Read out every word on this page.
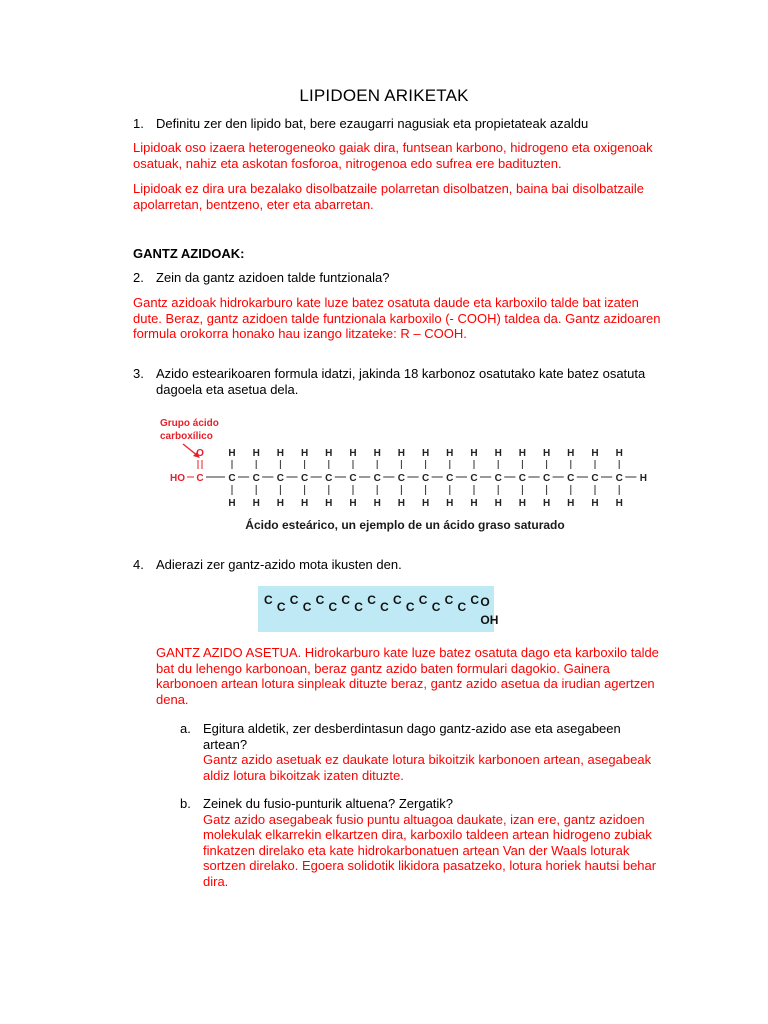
LIPIDOEN ARIKETAK
1. Definitu zer den lipido bat, bere ezaugarri nagusiak eta propietateak azaldu
Lipidoak oso izaera heterogeneoko gaiak dira, funtsean karbono, hidrogeno eta oxigenoak
osatuak, nahiz eta askotan fosforoa, nitrogenoa edo sufrea ere badituzten.
Lipidoak ez dira ura bezalako disolbatzaile polarretan disolbatzen, baina bai disolbatzaile
apolarretan, bentzeno, eter eta abarretan.
GANTZ AZIDOAK:
2. Zein da gantz azidoen talde funtzionala?
Gantz azidoak hidrokarburo kate luze batez osatuta daude eta karboxilo talde bat izaten
dute. Beraz, gantz azidoen talde funtzionala karboxilo (- COOH) taldea da. Gantz azidoaren
formula orokorra honako hau izango litzateke: R – COOH.
3. Azido estearikoaren formula idatzi, jakinda 18 karbonoz osatutako kate batez osatuta
dagoela eta asetua dela.
Grupo ácido
carboxílico
O
HO C C
H
H
C
H
H
C
H
H
C
H
H
C
H
H
C
H
H
C
H
H
C
H
H
C
H
H
C
H
H
C
H
H
C
H
H
C
H
H
C
H
H
C
H
H
C
H
H
C
H
H
H
Ácido esteárico, un ejemplo de un ácido graso saturado
4. Adierazi zer gantz-azido mota ikusten den.
C C C C C C C C C C C C C C C C C O
OH
GANTZ AZIDO ASETUA. Hidrokarburo kate luze batez osatuta dago eta karboxilo talde
bat du lehengo karbonoan, beraz gantz azido baten formulari dagokio. Gainera
karbonoen artean lotura sinpleak dituzte beraz, gantz azido asetua da irudian agertzen
dena.
a. Egitura aldetik, zer desberdintasun dago gantz-azido ase eta asegabeen
artean?
Gantz azido asetuak ez daukate lotura bikoitzik karbonoen artean, asegabeak
aldiz lotura bikoitzak izaten dituzte.
b. Zeinek du fusio-punturik altuena? Zergatik?
Gatz azido asegabeak fusio puntu altuagoa daukate, izan ere, gantz azidoen
molekulak elkarrekin elkartzen dira, karboxilo taldeen artean hidrogeno zubiak
finkatzen direlako eta kate hidrokarbonatuen artean Van der Waals loturak
sortzen direlako. Egoera solidotik likidora pasatzeko, lotura horiek hautsi behar
dira.
